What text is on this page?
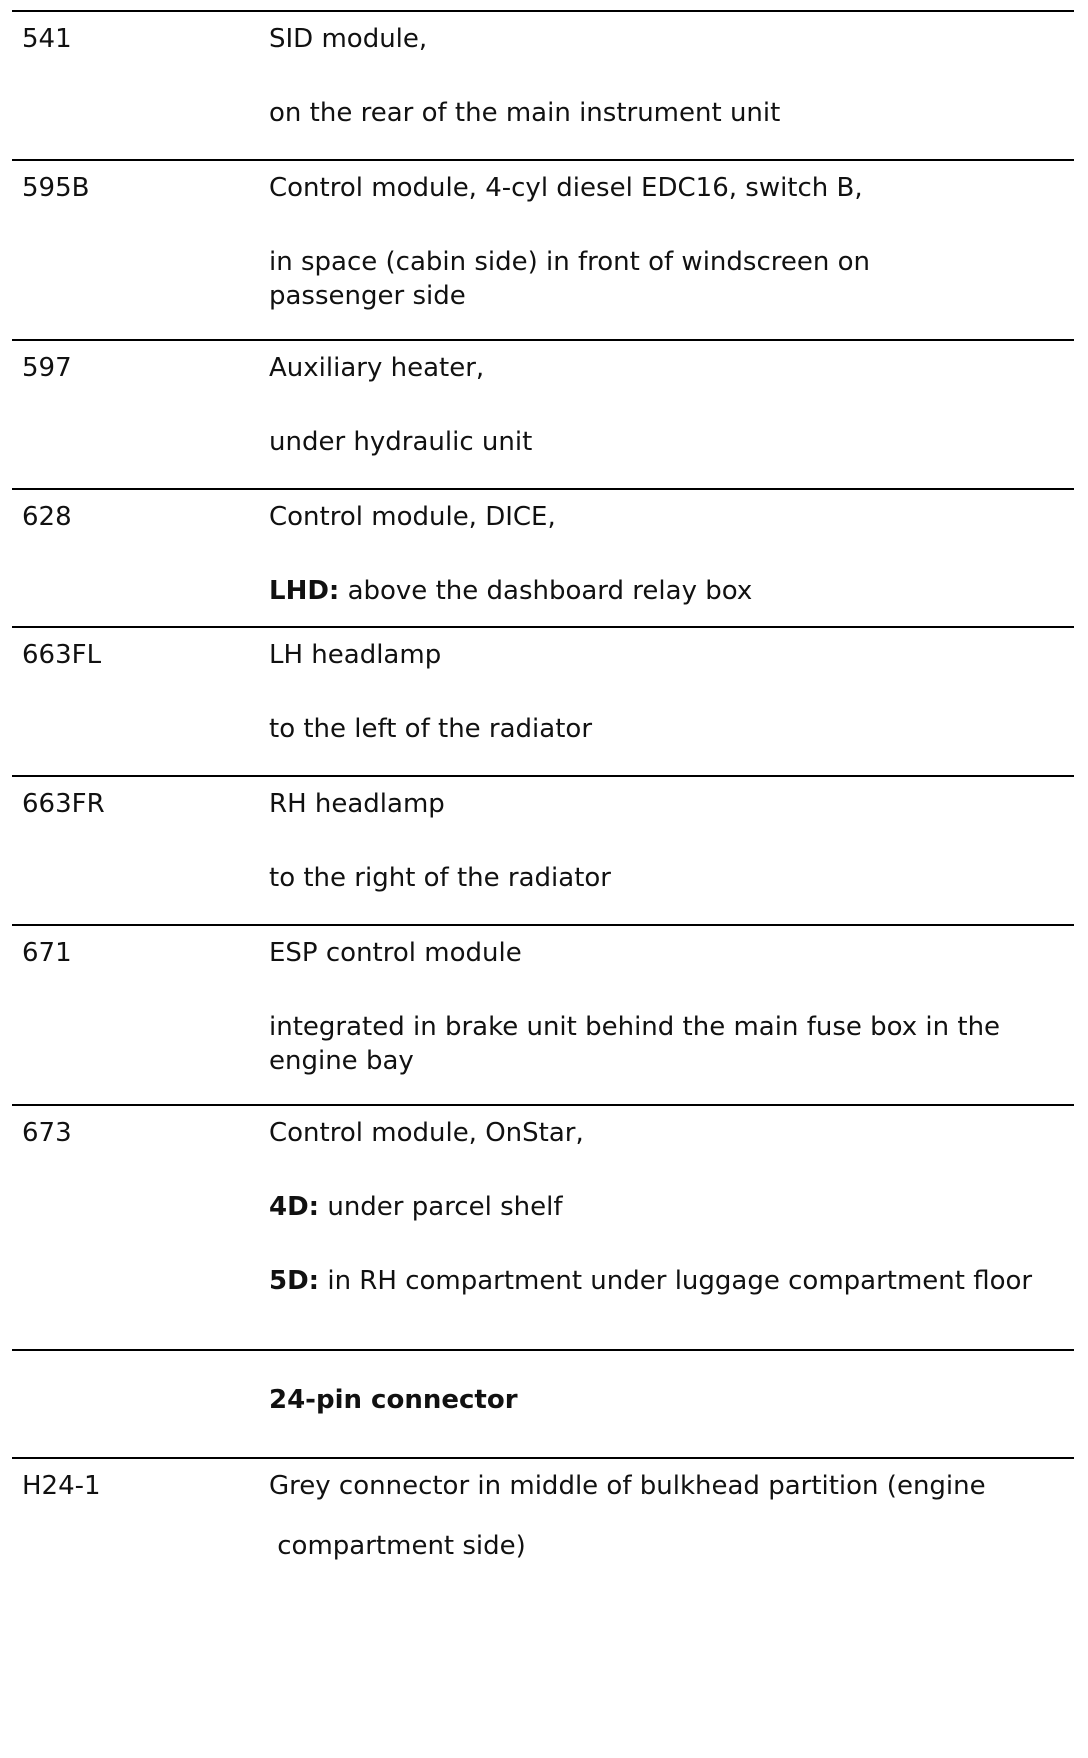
541	SID module,

on the rear of the main instrument unit

595B	Control module, 4-cyl diesel EDC16, switch B,

in space (cabin side) in front of windscreen on passenger side

597	Auxiliary heater,

under hydraulic unit

628	Control module, DICE,

LHD: above the dashboard relay box

663FL	LH headlamp

to the left of the radiator

663FR	RH headlamp

to the right of the radiator

671	ESP control module

integrated in brake unit behind the main fuse box in the engine bay

673	Control module, OnStar,

4D: under parcel shelf

5D: in RH compartment under luggage compartment floor

24-pin connector

H24-1	Grey connector in middle of bulkhead partition (engine

compartment side)
